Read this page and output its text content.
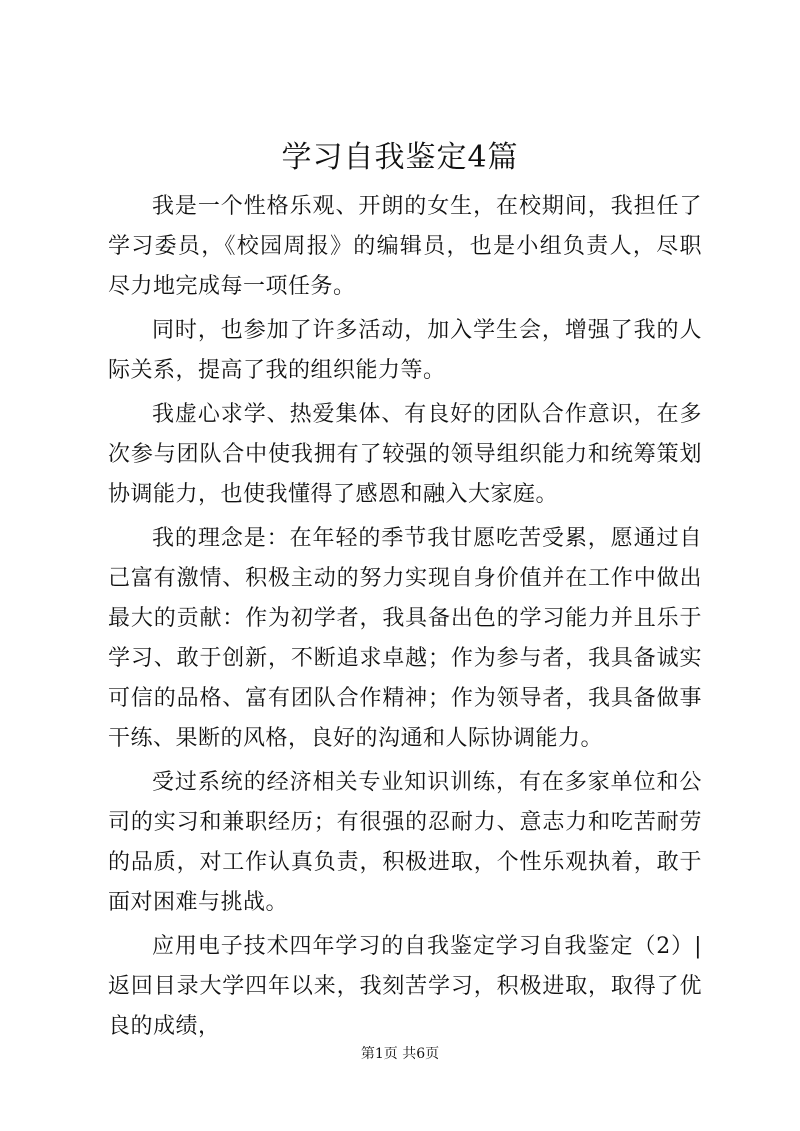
学习自我鉴定4篇

我是一个性格乐观、开朗的女生，在校期间，我担任了学习委员，《校园周报》的编辑员，也是小组负责人，尽职尽力地完成每一项任务。

同时，也参加了许多活动，加入学生会，增强了我的人际关系，提高了我的组织能力等。

我虚心求学、热爱集体、有良好的团队合作意识，在多次参与团队合中使我拥有了较强的领导组织能力和统筹策划协调能力，也使我懂得了感恩和融入大家庭。

我的理念是：在年轻的季节我甘愿吃苦受累，愿通过自己富有激情、积极主动的努力实现自身价值并在工作中做出最大的贡献：作为初学者，我具备出色的学习能力并且乐于学习、敢于创新，不断追求卓越；作为参与者，我具备诚实可信的品格、富有团队合作精神；作为领导者，我具备做事干练、果断的风格，良好的沟通和人际协调能力。

受过系统的经济相关专业知识训练，有在多家单位和公司的实习和兼职经历；有很强的忍耐力、意志力和吃苦耐劳的品质，对工作认真负责，积极进取，个性乐观执着，敢于面对困难与挑战。

应用电子技术四年学习的自我鉴定学习自我鉴定（2）|返回目录大学四年以来，我刻苦学习，积极进取，取得了优良的成绩，

第1页 共6页
